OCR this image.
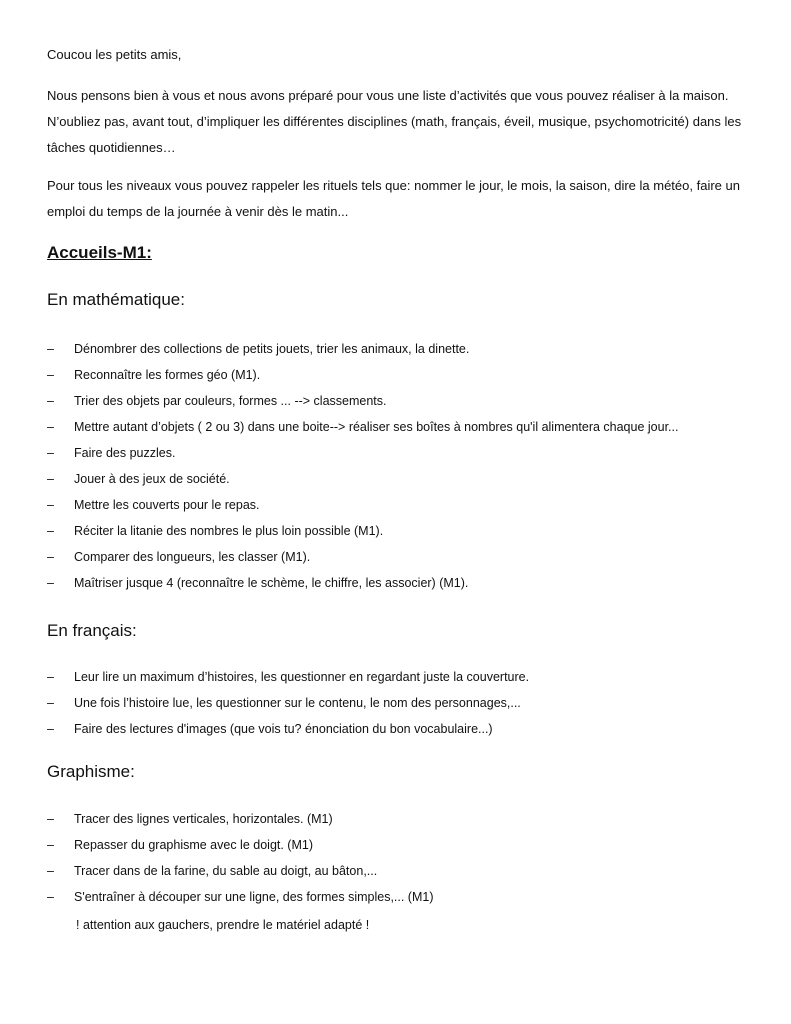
Coucou les petits amis,

Nous pensons bien à vous et nous avons préparé pour vous une liste d’activités que vous pouvez réaliser à la maison. N’oubliez pas, avant tout, d’impliquer les différentes disciplines (math, français, éveil, musique, psychomotricité) dans les tâches quotidiennes…

Pour tous les niveaux vous pouvez rappeler les rituels tels que: nommer le jour, le mois, la saison, dire la météo, faire un emploi du temps de la journée à venir dès le matin...

Accueils-M1:
En mathématique:
–	Dénombrer des collections de petits jouets, trier les animaux, la dinette.
–	Reconnaître les formes géo (M1).
–	Trier des objets par couleurs, formes ... --> classements.
–	Mettre autant d’objets ( 2 ou 3) dans une boite--> réaliser ses boîtes à nombres qu'il alimentera chaque jour...
–	Faire des puzzles.
–	Jouer à des jeux de société.
–	Mettre les couverts pour le repas.
–	Réciter la litanie des nombres le plus loin possible (M1).
–	Comparer des longueurs, les classer (M1).
–	Maîtriser jusque 4 (reconnaître le schème, le chiffre, les associer) (M1).
En français:
–	Leur lire un maximum d’histoires, les questionner en regardant juste la couverture.
–	Une fois l’histoire lue, les questionner sur le contenu, le nom des personnages,...
–	Faire des lectures d'images (que vois tu? énonciation du bon vocabulaire...)
Graphisme:
–	Tracer des lignes verticales, horizontales. (M1)
–	Repasser du graphisme avec le doigt. (M1)
–	Tracer dans de la farine, du sable au doigt, au bâton,...
–	S'entraîner à découper sur une ligne, des formes simples,... (M1)

! attention aux gauchers, prendre le matériel adapté !
